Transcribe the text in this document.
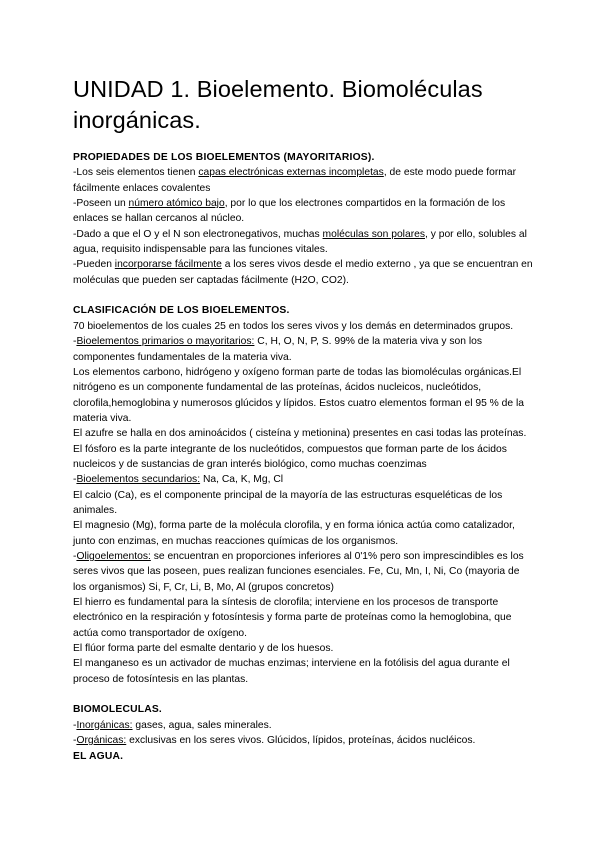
UNIDAD 1. Bioelemento. Biomoléculas inorgánicas.

PROPIEDADES DE LOS BIOELEMENTOS (MAYORITARIOS).

-Los seis elementos tienen capas electrónicas externas incompletas, de este modo puede formar fácilmente enlaces covalentes

-Poseen un número atómico bajo, por lo que los electrones compartidos en la formación de los enlaces se hallan cercanos al núcleo.

-Dado a que el O y el N son electronegativos, muchas moléculas son polares, y por ello, solubles al agua, requisito indispensable para las funciones vitales.

-Pueden incorporarse fácilmente a los seres vivos desde el medio externo , ya que se encuentran en moléculas que pueden ser captadas fácilmente (H2O, CO2).

CLASIFICACIÓN DE LOS BIOELEMENTOS.

70 bioelementos de los cuales 25 en todos los seres vivos y los demás en determinados grupos.

-Bioelementos primarios o mayoritarios: C, H, O, N, P, S. 99% de la materia viva y son los componentes fundamentales de la materia viva.

Los elementos carbono, hidrógeno y oxígeno forman parte de todas las biomoléculas orgánicas.El nitrógeno es un componente fundamental de las proteínas, ácidos nucleicos, nucleótidos, clorofila,hemoglobina y numerosos glúcidos y lípidos. Estos cuatro elementos forman el 95 % de la materia viva.

El azufre se halla en dos aminoácidos ( cisteína y metionina) presentes en casi todas las proteínas.

El fósforo es la parte integrante de los nucleótidos, compuestos que forman parte de los ácidos nucleicos y de sustancias de gran interés biológico, como muchas coenzimas

-Bioelementos secundarios: Na, Ca, K, Mg, Cl

El calcio (Ca), es el componente principal de la mayoría de las estructuras esqueléticas de los animales.

El magnesio (Mg), forma parte de la molécula clorofila, y en forma iónica actúa como catalizador, junto con enzimas, en muchas reacciones químicas de los organismos.

-Oligoelementos: se encuentran en proporciones inferiores al 0'1% pero son imprescindibles es los seres vivos que las poseen, pues realizan funciones esenciales. Fe, Cu, Mn, I, Ni, Co (mayoria de los organismos) Si, F, Cr, Li, B, Mo, Al (grupos concretos)

El hierro es fundamental para la síntesis de clorofila; interviene en los procesos de transporte electrónico en la respiración y fotosíntesis y forma parte de proteínas como la hemoglobina, que actúa como transportador de oxígeno.

El flúor forma parte del esmalte dentario y de los huesos.

El manganeso es un activador de muchas enzimas; interviene en la fotólisis del agua durante el proceso de fotosíntesis en las plantas.

BIOMOLECULAS.

-Inorgánicas: gases, agua, sales minerales.

-Orgánicas: exclusivas en los seres vivos. Glúcidos, lípidos, proteínas, ácidos nucléicos.

EL AGUA.
